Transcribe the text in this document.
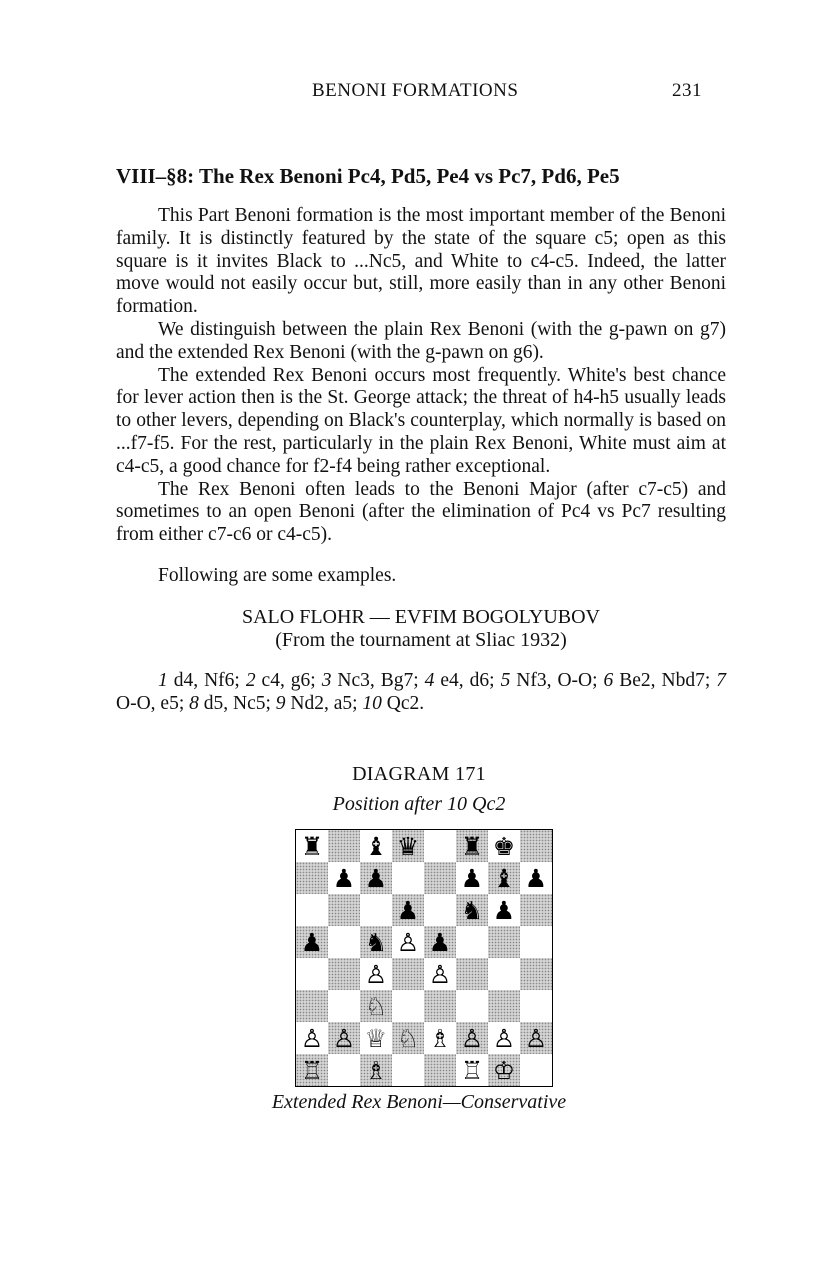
BENONI FORMATIONS	231
VIII–§8: The Rex Benoni Pc4, Pd5, Pe4 vs Pc7, Pd6, Pe5

This Part Benoni formation is the most important member of the Benoni family. It is distinctly featured by the state of the square c5; open as this square is it invites Black to ...Nc5, and White to c4-c5. Indeed, the latter move would not easily occur but, still, more easily than in any other Benoni formation.

We distinguish between the plain Rex Benoni (with the g-pawn on g7) and the extended Rex Benoni (with the g-pawn on g6).

The extended Rex Benoni occurs most frequently. White's best chance for lever action then is the St. George attack; the threat of h4-h5 usually leads to other levers, depending on Black's counterplay, which normally is based on ...f7-f5. For the rest, particularly in the plain Rex Benoni, White must aim at c4-c5, a good chance for f2-f4 being rather exceptional.

The Rex Benoni often leads to the Benoni Major (after c7-c5) and sometimes to an open Benoni (after the elimination of Pc4 vs Pc7 resulting from either c7-c6 or c4-c5).

Following are some examples.

SALO FLOHR — EVFIM BOGOLYUBOV
(From the tournament at Sliac 1932)

1 d4, Nf6; 2 c4, g6; 3 Nc3, Bg7; 4 e4, d6; 5 Nf3, O-O; 6 Be2, Nbd7; 7 O-O, e5; 8 d5, Nc5; 9 Nd2, a5; 10 Qc2.

DIAGRAM 171
Position after 10 Qc2
♜ ♝ ♛ ♜ ♚
♟ ♟	♟ ♝ ♟
♟ ♞ ♟
♟ ♞ ♙ ♟
♙ ♙
♘
♙ ♙ ♕ ♘ ♗ ♙ ♙ ♙
♖ ♗	♖ ♔
Extended Rex Benoni—Conservative
